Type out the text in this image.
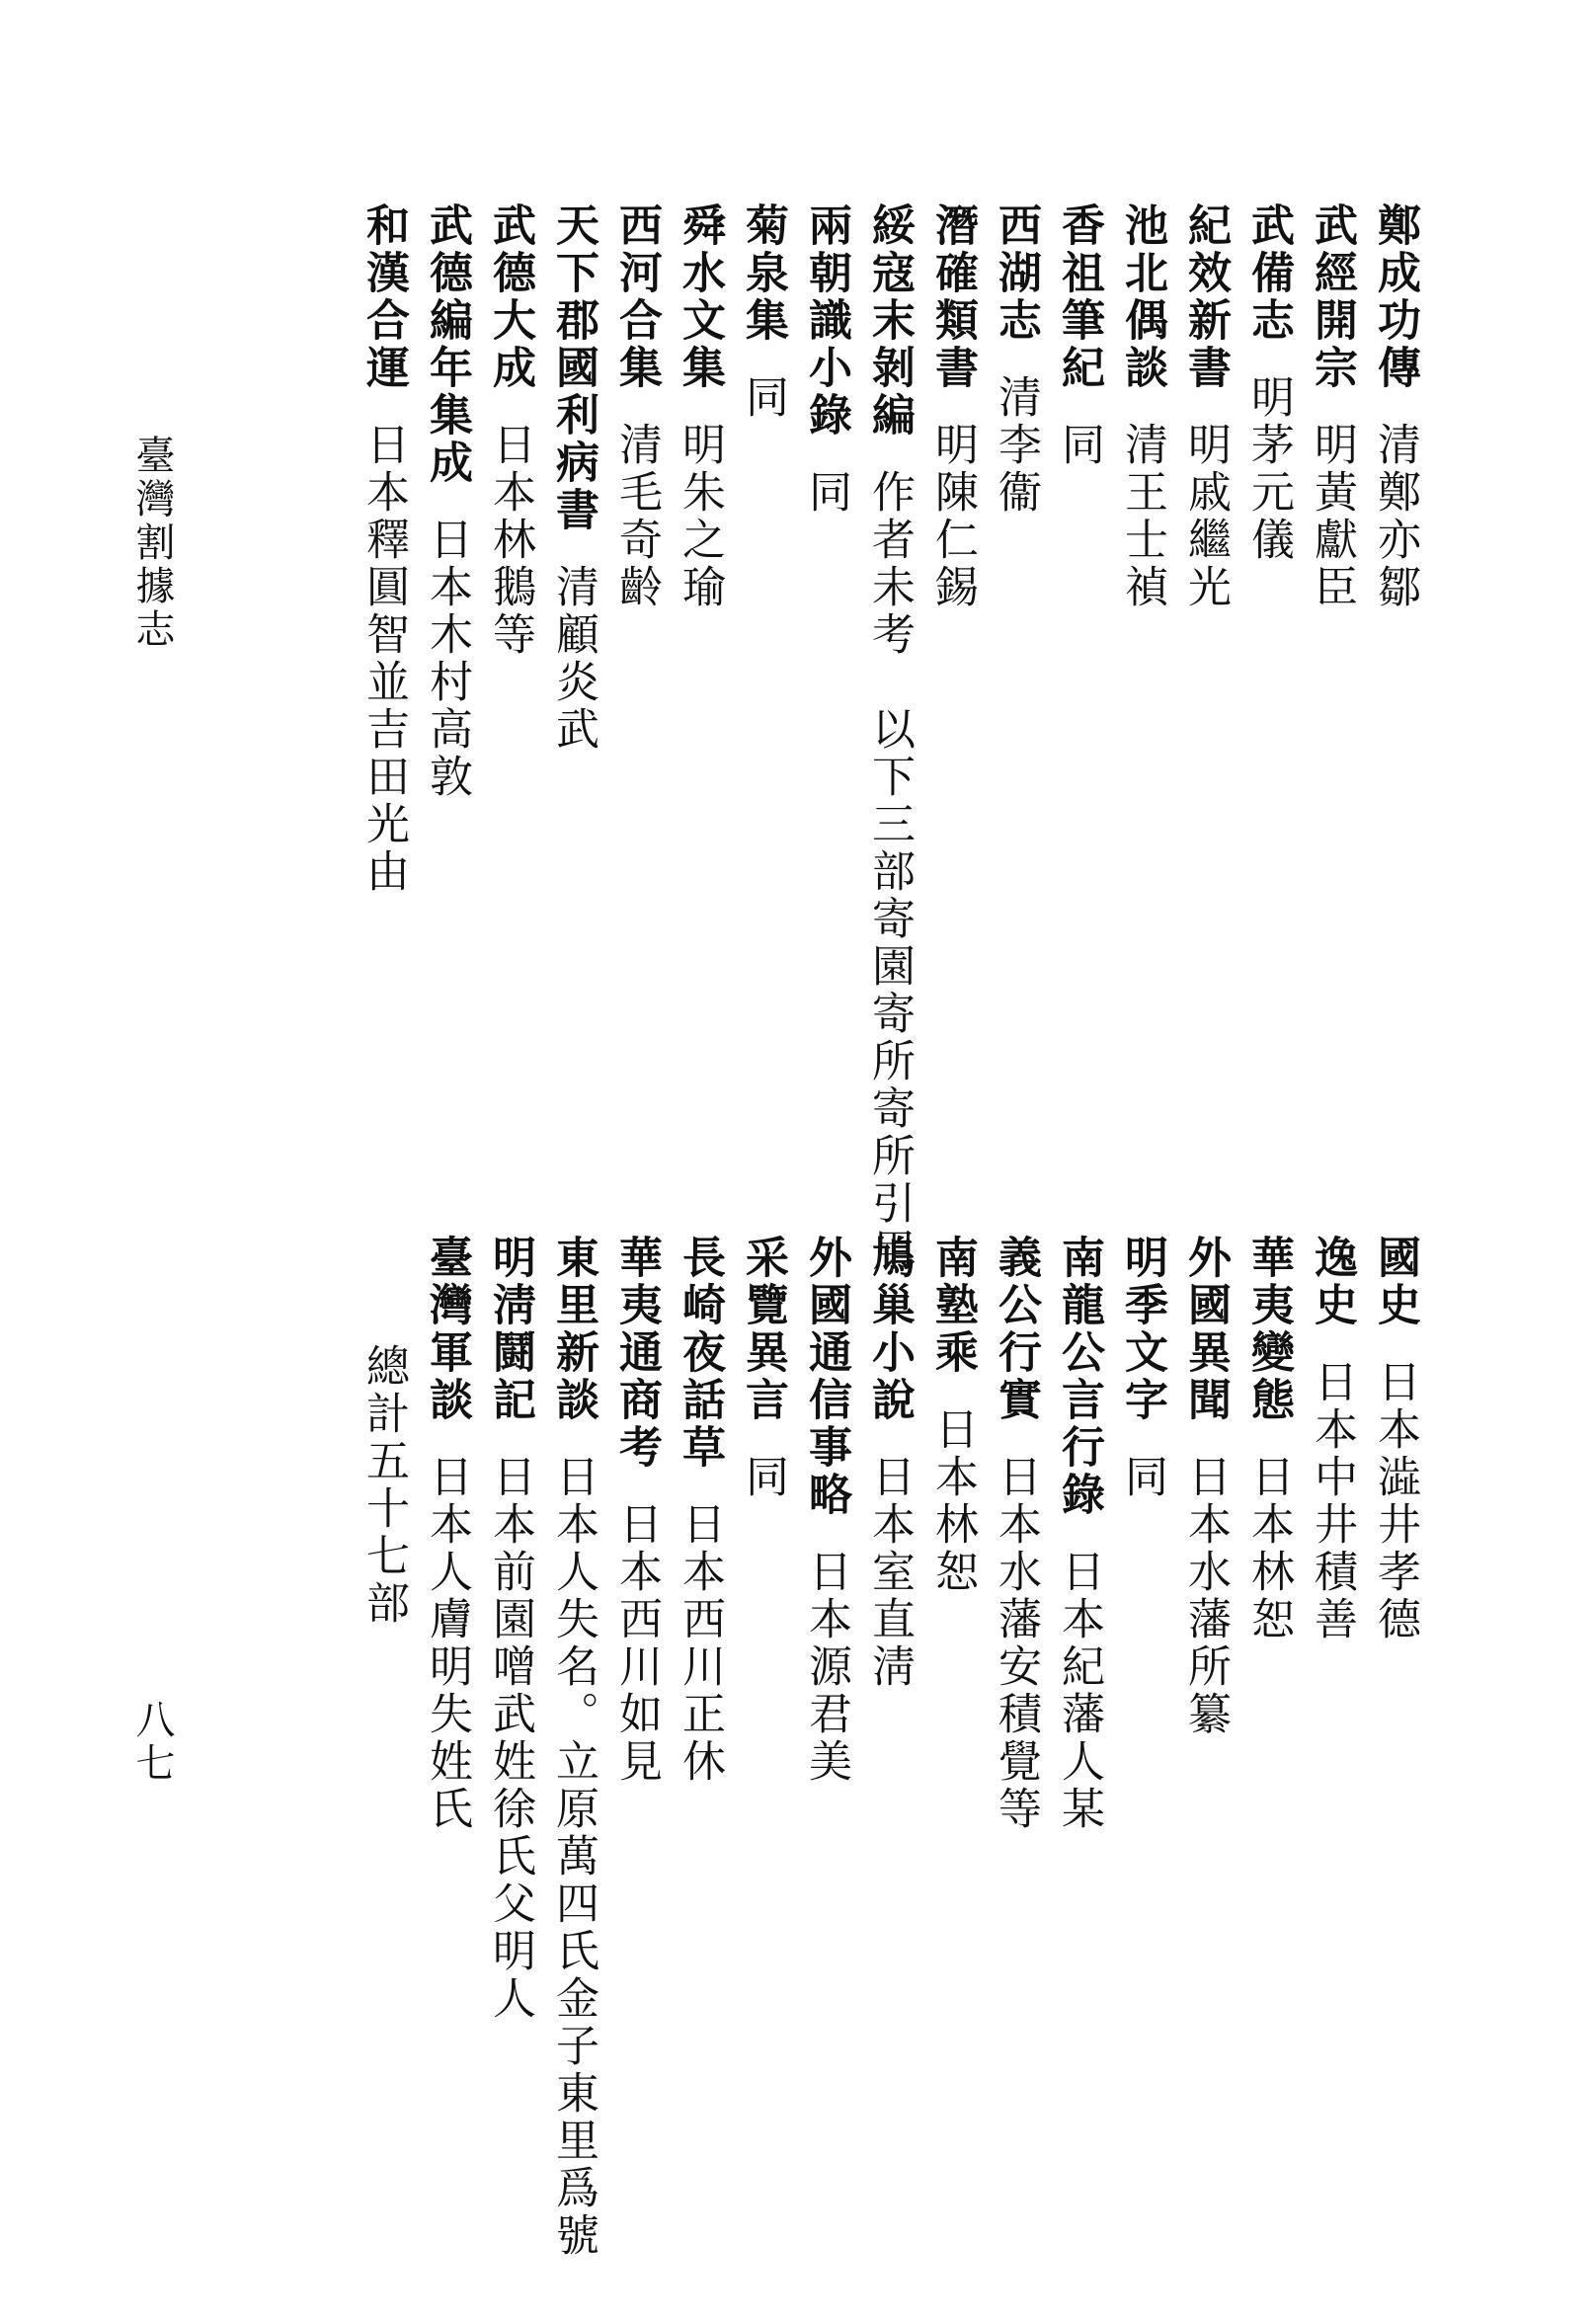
臺灣割據志
八七
鄭成功傳清鄭亦鄒
武經開宗明黃獻臣
武備志明茅元儀
紀效新書明戚繼光
池北偶談清王士禎
香祖筆紀同
西湖志清李衞
潛確類書明陳仁錫
綏寇末剝編作者未考　以下三部寄園寄所寄所引用
兩朝識小錄同
菊泉集同
舜水文集明朱之瑜
西河合集清毛奇齡
天下郡國利病書清顧炎武
武德大成日本林鵝等
武德編年集成日本木村高敦
和漢合運日本釋圓智並吉田光由
國史日本澁井孝德
逸史日本中井積善
華夷變態日本林恕
外國異聞日本水藩所纂
明季文字同
南龍公言行錄日本紀藩人某
義公行實日本水藩安積覺等
南塾乘日本林恕
鳩巢小說日本室直淸
外國通信事略日本源君美
采覽異言同
長崎夜話草日本西川正休
華夷通商考日本西川如見
東里新談日本人失名。立原萬四氏金子東里爲號
明淸鬪記日本前園噌武姓徐氏父明人
臺灣軍談日本人膚明失姓氏
總計五十七部
